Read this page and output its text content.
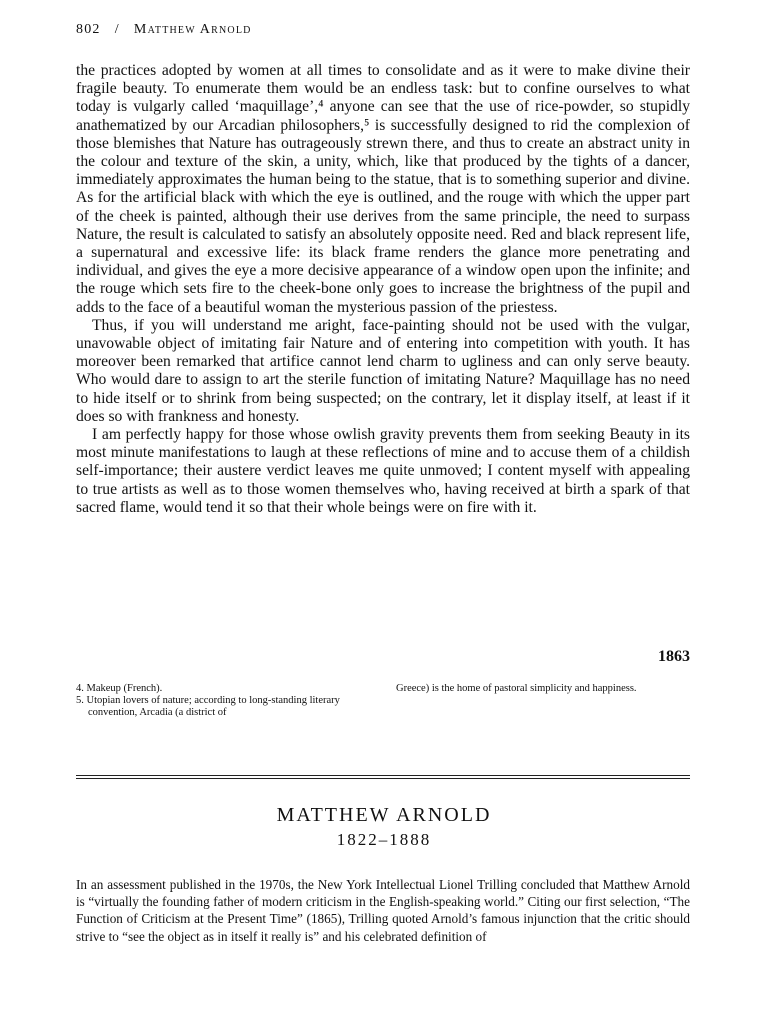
802 / Matthew Arnold

the practices adopted by women at all times to consolidate and as it were to make divine their fragile beauty. To enumerate them would be an endless task: but to confine ourselves to what today is vulgarly called ‘maquillage’,⁴ anyone can see that the use of rice-powder, so stupidly anathematized by our Arcadian philosophers,⁵ is successfully designed to rid the complexion of those blemishes that Nature has outrageously strewn there, and thus to create an abstract unity in the colour and texture of the skin, a unity, which, like that produced by the tights of a dancer, immediately approximates the human being to the statue, that is to something superior and divine. As for the artificial black with which the eye is outlined, and the rouge with which the upper part of the cheek is painted, although their use derives from the same principle, the need to surpass Nature, the result is calculated to satisfy an absolutely opposite need. Red and black represent life, a supernatural and excessive life: its black frame renders the glance more penetrating and individual, and gives the eye a more decisive appearance of a window open upon the infinite; and the rouge which sets fire to the cheek-bone only goes to increase the brightness of the pupil and adds to the face of a beautiful woman the mysterious passion of the priestess.

Thus, if you will understand me aright, face-painting should not be used with the vulgar, unavowable object of imitating fair Nature and of entering into competition with youth. It has moreover been remarked that artifice cannot lend charm to ugliness and can only serve beauty. Who would dare to assign to art the sterile function of imitating Nature? Maquillage has no need to hide itself or to shrink from being suspected; on the contrary, let it display itself, at least if it does so with frankness and honesty.

I am perfectly happy for those whose owlish gravity prevents them from seeking Beauty in its most minute manifestations to laugh at these reflections of mine and to accuse them of a childish self-importance; their austere verdict leaves me quite unmoved; I content myself with appealing to true artists as well as to those women themselves who, having received at birth a spark of that sacred flame, would tend it so that their whole beings were on fire with it.

1863
4. Makeup (French).
5. Utopian lovers of nature; according to long-standing literary convention, Arcadia (a district of
Greece) is the home of pastoral simplicity and happiness.
MATTHEW ARNOLD
1822–1888

In an assessment published in the 1970s, the New York Intellectual Lionel Trilling concluded that Matthew Arnold is “virtually the founding father of modern criticism in the English-speaking world.” Citing our first selection, “The Function of Criticism at the Present Time” (1865), Trilling quoted Arnold’s famous injunction that the critic should strive to “see the object as in itself it really is” and his celebrated definition of
